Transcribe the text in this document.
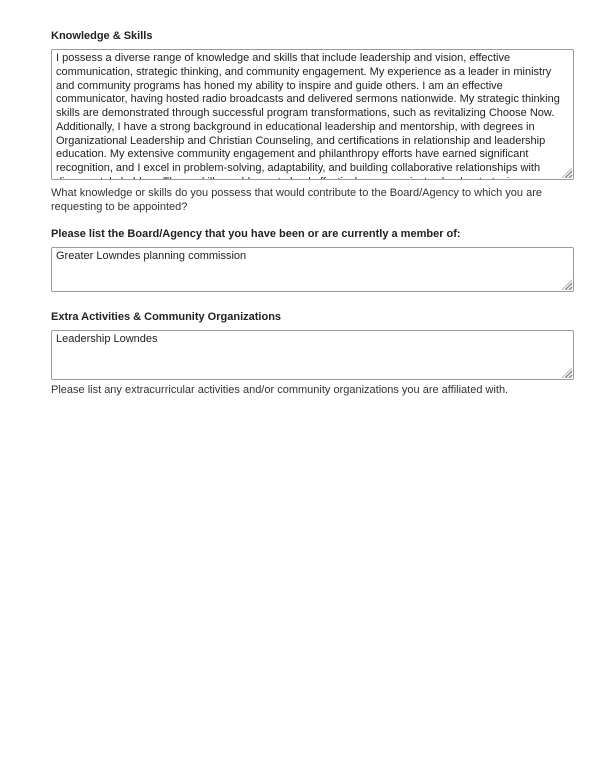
Knowledge & Skills
I possess a diverse range of knowledge and skills that include leadership and vision, effective communication, strategic thinking, and community engagement. My experience as a leader in ministry and community programs has honed my ability to inspire and guide others. I am an effective communicator, having hosted radio broadcasts and delivered sermons nationwide. My strategic thinking skills are demonstrated through successful program transformations, such as revitalizing Choose Now. Additionally, I have a strong background in educational leadership and mentorship, with degrees in Organizational Leadership and Christian Counseling, and certifications in relationship and leadership education. My extensive community engagement and philanthropy efforts have earned significant recognition, and I excel in problem-solving, adaptability, and building collaborative relationships with diverse stakeholders. These skills enable me to lead effectively, communicate clearly, strategize innovative solutions, educate and mentor others, and engage deeply with the community.

What knowledge or skills do you possess that would contribute to the Board/Agency to which you are requesting to be appointed?

Please list the Board/Agency that you have been or are currently a member of:
Greater Lowndes planning commission
Extra Activities & Community Organizations
Leadership Lowndes

Please list any extracurricular activities and/or community organizations you are affiliated with.
